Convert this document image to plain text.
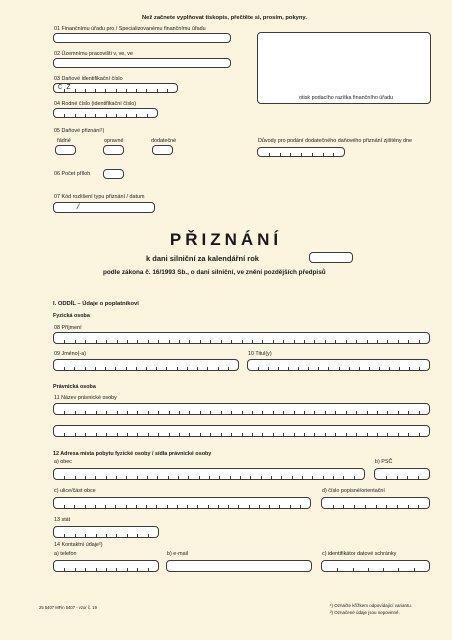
Než začnete vyplňovat tiskopis, přečtěte si, prosím, pokyny.
01 Finančnímu úřadu pro / Specializovanému finančnímu úřadu
02 Územnímu pracovišti v, ve, ve
03 Daňové identifikační číslo
C Z
04 Rodné číslo (identifikační číslo)
05 Daňové přiznání¹)
řádné	opravné	dodatečné	Důvody pro podání dodatečného daňového přiznání zjištěny dne
06 Počet příloh
07 Kód rozlišení typu přiznání / datum
/
otisk podacího razítka finančního úřadu
PŘIZNÁNÍ
k dani silniční za kalendářní rok
podle zákona č. 16/1993 Sb., o dani silniční, ve znění pozdějších předpisů
I. ODDÍL – Údaje o poplatníkovi
Fyzická osoba
08 Příjmení
09 Jméno(-a)	10 Titul(y)
Právnická osoba
11 Název právnické osoby
12 Adresa místa pobytu fyzické osoby / sídla právnické osoby
a) obec	b) PSČ
c) ulice/část obce	d) číslo popisné/orientační
13 stát
14 Kontaktní údaje²)
a) telefon	b) e-mail	c) identifikátor datové schránky
25 5407 MFin 5407 - vzor č. 19	¹) Označte křížkem odpovídající variantu.
²) Označené údaje jsou nepovinné.
